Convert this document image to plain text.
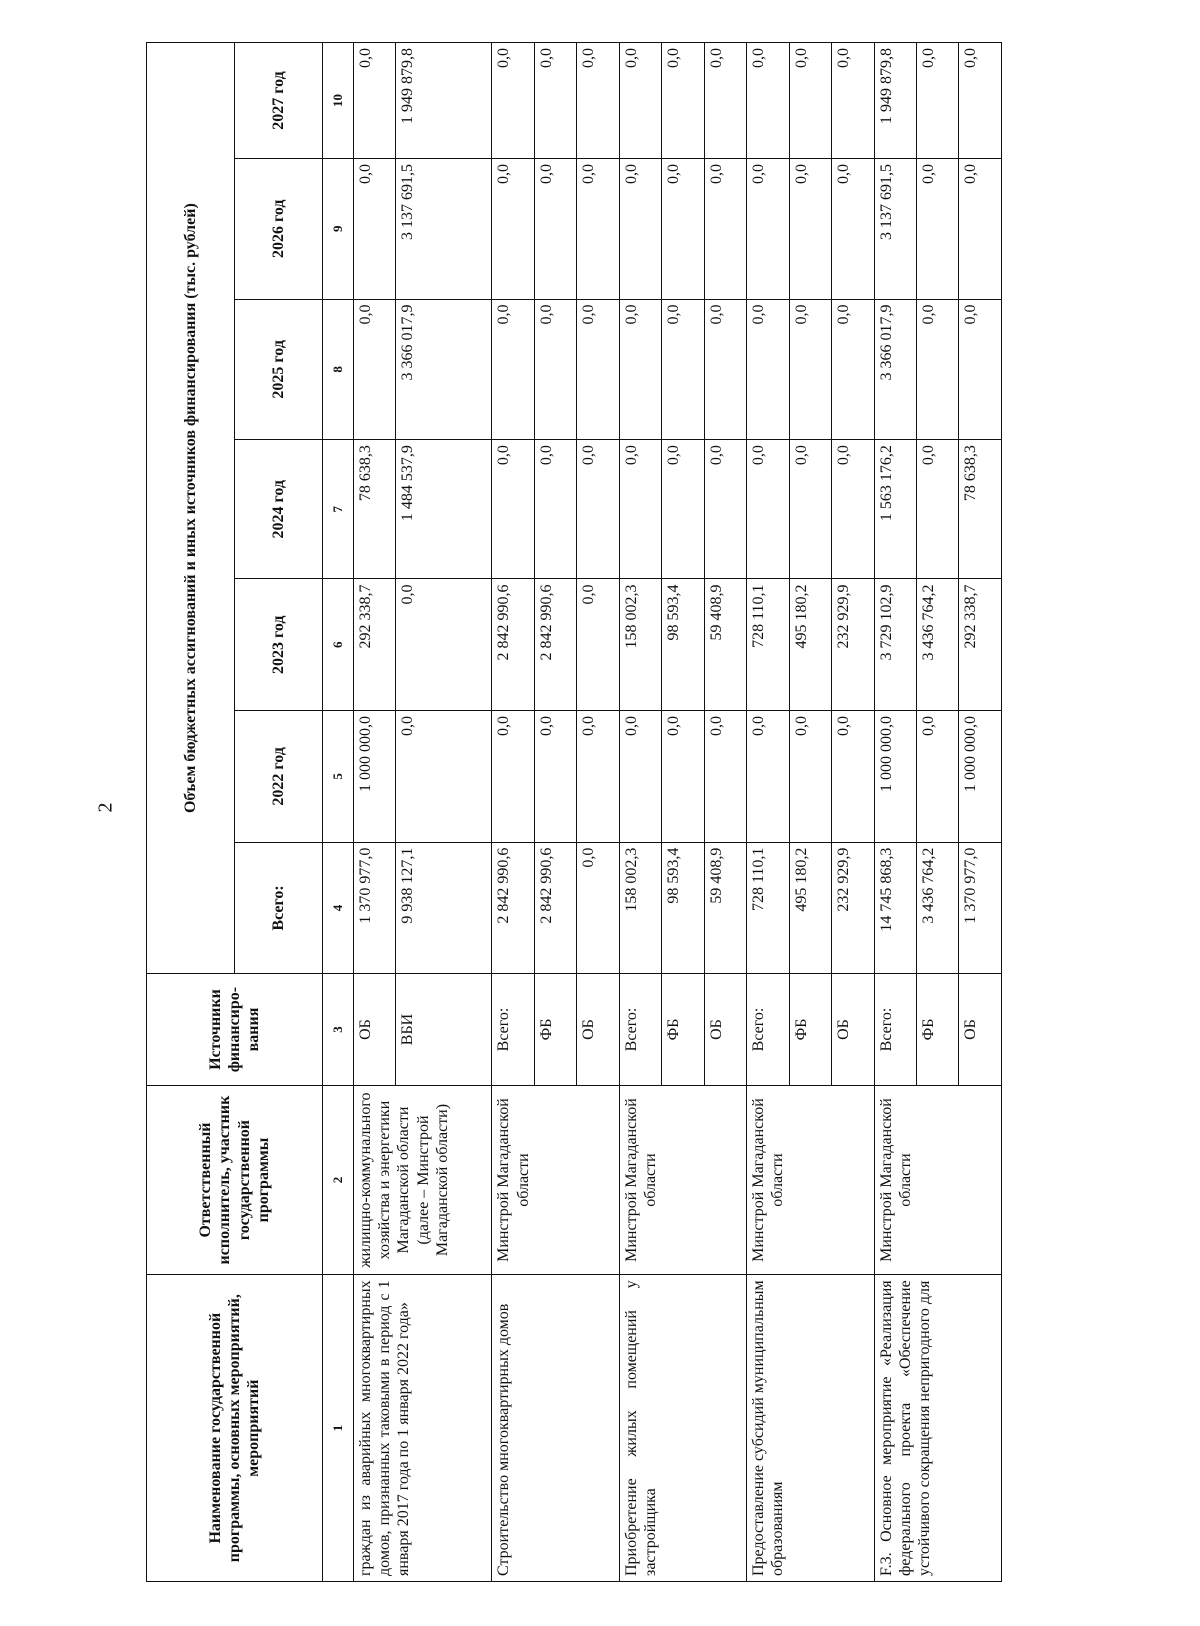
2
Наименование государственной программы, основных мероприятий, мероприятий	Ответственный исполнитель, участник государственной программы	Источники финансиро-вания	Объем бюджетных ассигнований и иных источников финансирования (тыс. рублей)						
			Всего:	2022 год	2023 год	2024 год	2025 год	2026 год	2027 год
1	2	3	4	5	6	7	8	9	10
граждан из аварийных многоквартирных домов, признанных таковыми в период с 1 января 2017 года по 1 января 2022 года»	жилищно-коммунального хозяйства и энергетики Магаданской области (далее – Минстрой Магаданской области)	ОБ	1 370 977,0	1 000 000,0	292 338,7	78 638,3	0,0	0,0	0,0
		ВБИ	9 938 127,1	0,0	0,0	1 484 537,9	3 366 017,9	3 137 691,5	1 949 879,8
Строительство многоквартирных домов	Минстрой Магаданской области	Всего:	2 842 990,6	0,0	2 842 990,6	0,0	0,0	0,0	0,0
		ФБ	2 842 990,6	0,0	2 842 990,6	0,0	0,0	0,0	0,0
		ОБ	0,0	0,0	0,0	0,0	0,0	0,0	0,0
Приобретение жилых помещений у застройщика	Минстрой Магаданской области	Всего:	158 002,3	0,0	158 002,3	0,0	0,0	0,0	0,0
		ФБ	98 593,4	0,0	98 593,4	0,0	0,0	0,0	0,0
		ОБ	59 408,9	0,0	59 408,9	0,0	0,0	0,0	0,0
Предоставление субсидий муниципальным образованиям	Минстрой Магаданской области	Всего:	728 110,1	0,0	728 110,1	0,0	0,0	0,0	0,0
		ФБ	495 180,2	0,0	495 180,2	0,0	0,0	0,0	0,0
		ОБ	232 929,9	0,0	232 929,9	0,0	0,0	0,0	0,0
F.3. Основное мероприятие «Реализация федерального проекта «Обеспечение устойчивого сокращения непригодного для	Минстрой Магаданской области	Всего:	14 745 868,3	1 000 000,0	3 729 102,9	1 563 176,2	3 366 017,9	3 137 691,5	1 949 879,8
		ФБ	3 436 764,2	0,0	3 436 764,2	0,0	0,0	0,0	0,0
		ОБ	1 370 977,0	1 000 000,0	292 338,7	78 638,3	0,0	0,0	0,0
